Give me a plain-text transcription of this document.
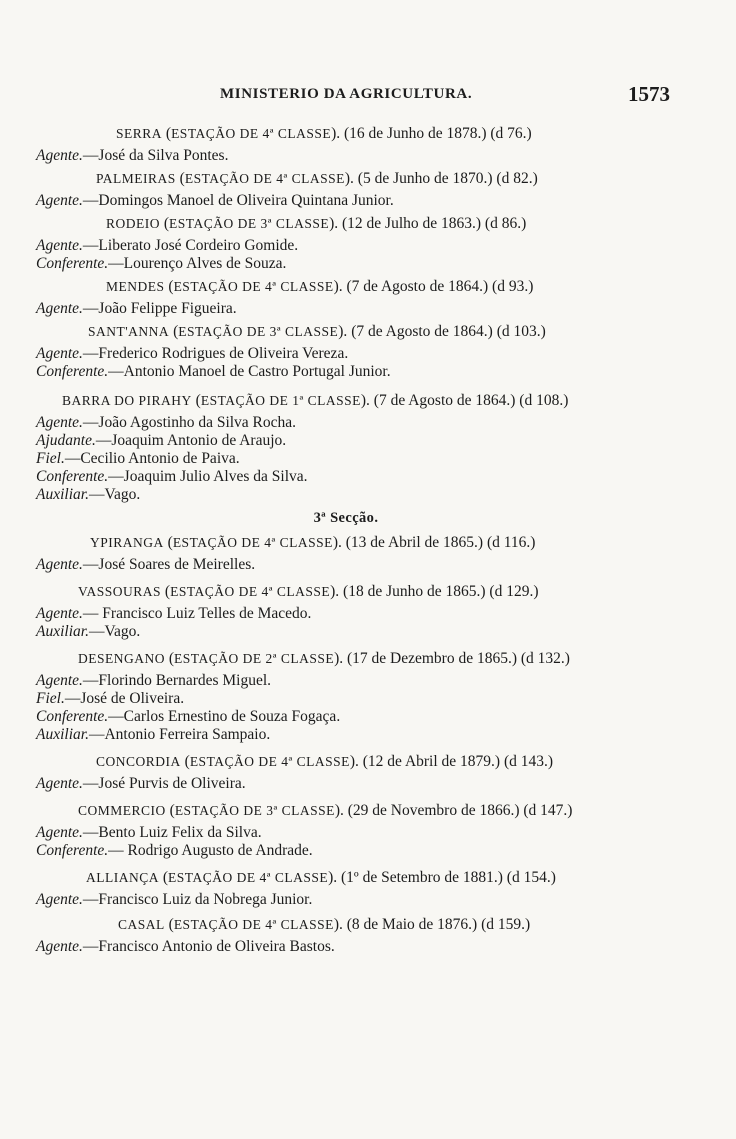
MINISTERIO DA AGRICULTURA.	1573
SERRA (ESTAÇÃO DE 4ª CLASSE). (16 de Junho de 1878.) (d 76.)
Agente.—José da Silva Pontes.
PALMEIRAS (ESTAÇÃO DE 4ª CLASSE). (5 de Junho de 1870.) (d 82.)
Agente.—Domingos Manoel de Oliveira Quintana Junior.
RODEIO (ESTAÇÃO DE 3ª CLASSE). (12 de Julho de 1863.) (d 86.)
Agente.—Liberato José Cordeiro Gomide.
Conferente.—Lourenço Alves de Souza.
MENDES (ESTAÇÃO DE 4ª CLASSE). (7 de Agosto de 1864.) (d 93.)
Agente.—João Felippe Figueira.
SANT'ANNA (ESTAÇÃO DE 3ª CLASSE). (7 de Agosto de 1864.) (d 103.)
Agente.—Frederico Rodrigues de Oliveira Vereza.
Conferente.—Antonio Manoel de Castro Portugal Junior.
BARRA DO PIRAHY (ESTAÇÃO DE 1ª CLASSE). (7 de Agosto de 1864.) (d 108.)
Agente.—João Agostinho da Silva Rocha.
Ajudante.—Joaquim Antonio de Araujo.
Fiel.—Cecilio Antonio de Paiva.
Conferente.—Joaquim Julio Alves da Silva.
Auxiliar.—Vago.
3ª Secção.
YPIRANGA (ESTAÇÃO DE 4ª CLASSE). (13 de Abril de 1865.) (d 116.)
Agente.—José Soares de Meirelles.
VASSOURAS (ESTAÇÃO DE 4ª CLASSE). (18 de Junho de 1865.) (d 129.)
Agente.— Francisco Luiz Telles de Macedo.
Auxiliar.—Vago.
DESENGANO (ESTAÇÃO DE 2ª CLASSE). (17 de Dezembro de 1865.) (d 132.)
Agente.—Florindo Bernardes Miguel.
Fiel.—José de Oliveira.
Conferente.—Carlos Ernestino de Souza Fogaça.
Auxiliar.—Antonio Ferreira Sampaio.
CONCORDIA (ESTAÇÃO DE 4ª CLASSE). (12 de Abril de 1879.) (d 143.)
Agente.—José Purvis de Oliveira.
COMMERCIO (ESTAÇÃO DE 3ª CLASSE). (29 de Novembro de 1866.) (d 147.)
Agente.—Bento Luiz Felix da Silva.
Conferente.— Rodrigo Augusto de Andrade.
ALLIANÇA (ESTAÇÃO DE 4ª CLASSE). (1º de Setembro de 1881.) (d 154.)
Agente.—Francisco Luiz da Nobrega Junior.
CASAL (ESTAÇÃO DE 4ª CLASSE). (8 de Maio de 1876.) (d 159.)
Agente.—Francisco Antonio de Oliveira Bastos.
